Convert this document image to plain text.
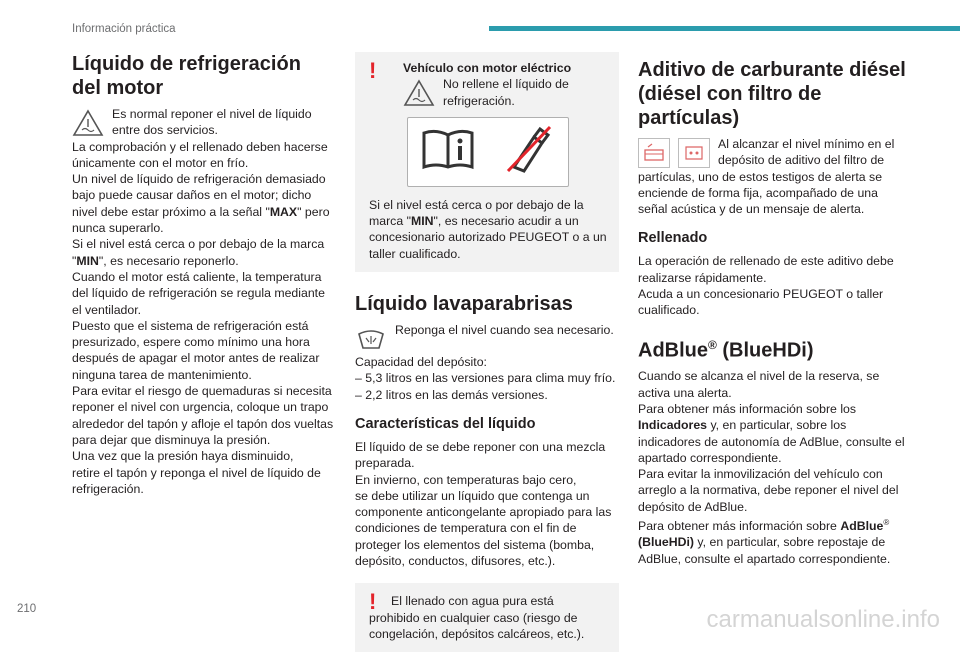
Información práctica
Líquido de refrigeración del motor

Es normal reponer el nivel de líquido entre dos servicios.

La comprobación y el rellenado deben hacerse únicamente con el motor en frío.

Un nivel de líquido de refrigeración demasiado bajo puede causar daños en el motor; dicho nivel debe estar próximo a la señal "MAX" pero nunca superarlo.

Si el nivel está cerca o por debajo de la marca "MIN", es necesario reponerlo.

Cuando el motor está caliente, la temperatura del líquido de refrigeración se regula mediante el ventilador.

Puesto que el sistema de refrigeración está presurizado, espere como mínimo una hora después de apagar el motor antes de realizar ninguna tarea de mantenimiento.

Para evitar el riesgo de quemaduras si necesita reponer el nivel con urgencia, coloque un trapo alrededor del tapón y afloje el tapón dos vueltas para dejar que disminuya la presión.

Una vez que la presión haya disminuido,

retire el tapón y reponga el nivel de líquido de refrigeración.

! Vehículo con motor eléctrico

No rellene el líquido de refrigeración.

Si el nivel está cerca o por debajo de la marca "MIN", es necesario acudir a un concesionario autorizado PEUGEOT o a un taller cualificado.

Líquido lavaparabrisas

Reponga el nivel cuando sea necesario.

Capacidad del depósito:

– 5,3 litros en las versiones para clima muy frío.

– 2,2 litros en las demás versiones.

Características del líquido

El líquido de se debe reponer con una mezcla preparada.

En invierno, con temperaturas bajo cero,

se debe utilizar un líquido que contenga un componente anticongelante apropiado para las condiciones de temperatura con el fin de proteger los elementos del sistema (bomba, depósito, conductos, difusores, etc.).

!	El llenado con agua pura está prohibido en cualquier caso (riesgo de congelación, depósitos calcáreos, etc.).

Aditivo de carburante diésel (diésel con filtro de partículas)

Al alcanzar el nivel mínimo en el depósito de aditivo del filtro de partículas, uno de estos testigos de alerta se enciende de forma fija, acompañado de una señal acústica y de un mensaje de alerta.

Rellenado

La operación de rellenado de este aditivo debe realizarse rápidamente.

Acuda a un concesionario PEUGEOT o taller cualificado.

AdBlue® (BlueHDi)

Cuando se alcanza el nivel de la reserva, se activa una alerta.

Para obtener más información sobre los Indicadores y, en particular, sobre los indicadores de autonomía de AdBlue, consulte el apartado correspondiente.

Para evitar la inmovilización del vehículo con arreglo a la normativa, debe reponer el nivel del depósito de AdBlue.

Para obtener más información sobre AdBlue®
(BlueHDi) y, en particular, sobre repostaje de AdBlue, consulte el apartado correspondiente.

210	carmanualsonline.info
